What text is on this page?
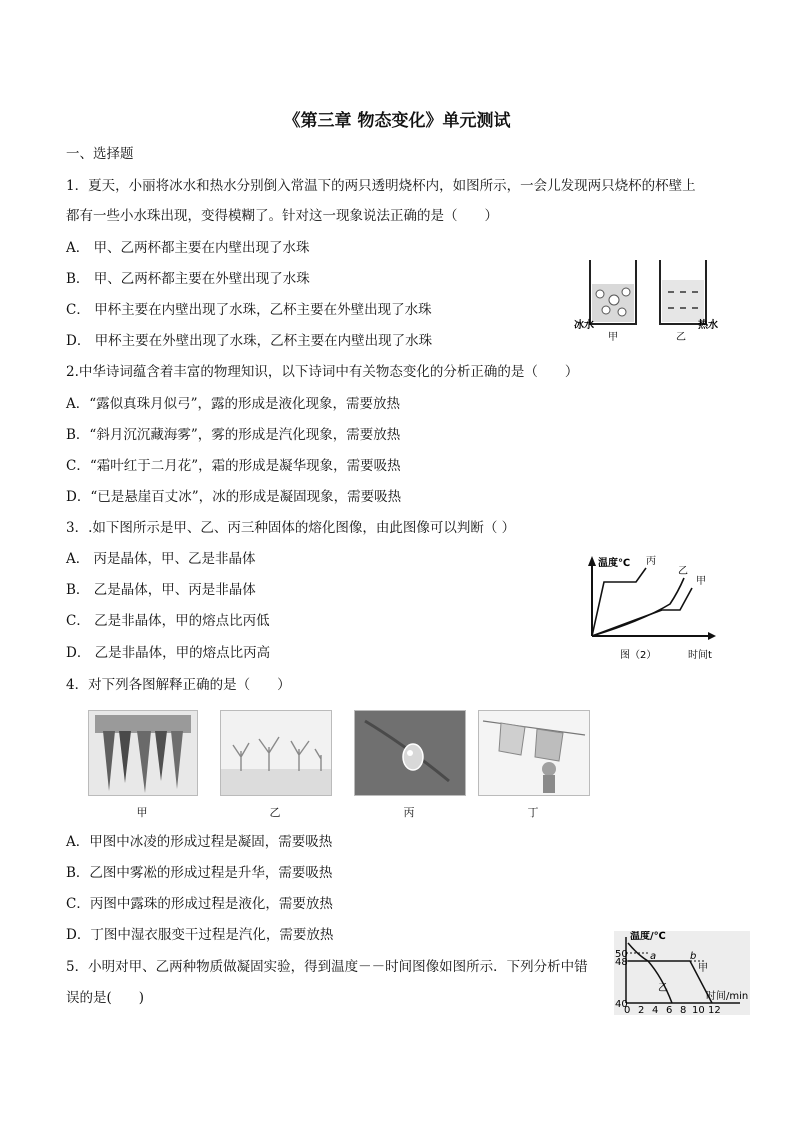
《第三章 物态变化》单元测试
一、选择题
1．夏天，小丽将冰水和热水分别倒入常温下的两只透明烧杯内，如图所示，一会儿发现两只烧杯的杯壁上
都有一些小水珠出现，变得模糊了。针对这一现象说法正确的是（　　）
A． 甲、乙两杯都主要在内壁出现了水珠
B． 甲、乙两杯都主要在外壁出现了水珠
C． 甲杯主要在内壁出现了水珠，乙杯主要在外壁出现了水珠
D． 甲杯主要在外壁出现了水珠，乙杯主要在内壁出现了水珠
冰水
甲	乙
热水
2.中华诗词蕴含着丰富的物理知识，以下诗词中有关物态变化的分析正确的是（　　）
A．“露似真珠月似弓”，露的形成是液化现象，需要放热
B．“斜月沉沉藏海雾”，雾的形成是汽化现象，需要放热
C．“霜叶红于二月花”，霜的形成是凝华现象，需要吸热
D．“已是悬崖百丈冰”，冰的形成是凝固现象，需要吸热
3．.如下图所示是甲、乙、丙三种固体的熔化图像，由此图像可以判断（ ）
A． 丙是晶体，甲、乙是非晶体
B． 乙是晶体，甲、丙是非晶体
C． 乙是非晶体，甲的熔点比丙低
D． 乙是非晶体，甲的熔点比丙高
温度℃ 丙
乙
甲
图（2）	时间t
4．对下列各图解释正确的是（　　）
甲	乙	丙	丁
A．甲图中冰凌的形成过程是凝固，需要吸热
B．乙图中雾凇的形成过程是升华，需要吸热
C．丙图中露珠的形成过程是液化，需要放热
D．丁图中湿衣服变干过程是汽化，需要放热
5．小明对甲、乙两种物质做凝固实验，得到温度－－时间图像如图所示．下列分析中错
误的是(　　)
温度/℃
50
48
40
a	b
甲
乙
时间/min
0 2 4 6 8 10 12
